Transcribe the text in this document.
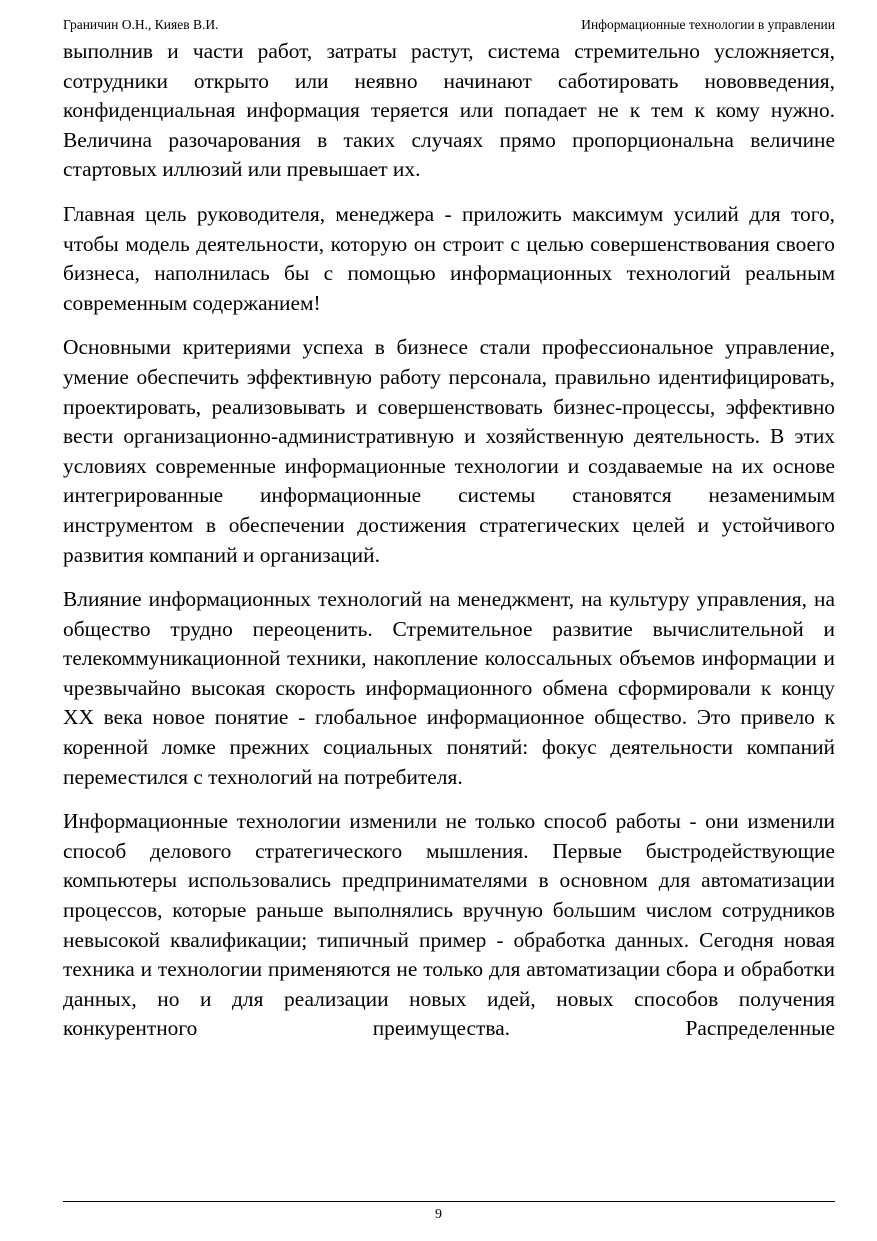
Граничин О.Н., Кияев В.И.	Информационные технологии в управлении

выполнив и части работ, затраты растут, система стремительно усложняется, сотрудники открыто или неявно начинают саботировать нововведения, конфиденциальная информация теряется или попадает не к тем к кому нужно. Величина разочарования в таких случаях прямо пропорциональна величине стартовых иллюзий или превышает их.

Главная цель руководителя, менеджера - приложить максимум усилий для того, чтобы модель деятельности, которую он строит с целью совершенствования своего бизнеса, наполнилась бы с помощью информационных технологий реальным современным содержанием!

Основными критериями успеха в бизнесе стали профессиональное управление, умение обеспечить эффективную работу персонала, правильно идентифицировать, проектировать, реализовывать и совершенствовать бизнес-процессы, эффективно вести организационно-административную и хозяйственную деятельность. В этих условиях современные информационные технологии и создаваемые на их основе интегрированные информационные системы становятся незаменимым инструментом в обеспечении достижения стратегических целей и устойчивого развития компаний и организаций.

Влияние информационных технологий на менеджмент, на культуру управления, на общество трудно переоценить. Стремительное развитие вычислительной и телекоммуникационной техники, накопление колоссальных объемов информации и чрезвычайно высокая скорость информационного обмена сформировали к концу XX века новое понятие - глобальное информационное общество. Это привело к коренной ломке прежних социальных понятий: фокус деятельности компаний переместился с технологий на потребителя.

Информационные технологии изменили не только способ работы - они изменили способ делового стратегического мышления. Первые быстродействующие компьютеры использовались предпринимателями в основном для автоматизации процессов, которые раньше выполнялись вручную большим числом сотрудников невысокой квалификации; типичный пример - обработка данных. Сегодня новая техника и технологии применяются не только для автоматизации сбора и обработки данных, но и для реализации новых идей, новых способов получения конкурентного преимущества. Распределенные

9
